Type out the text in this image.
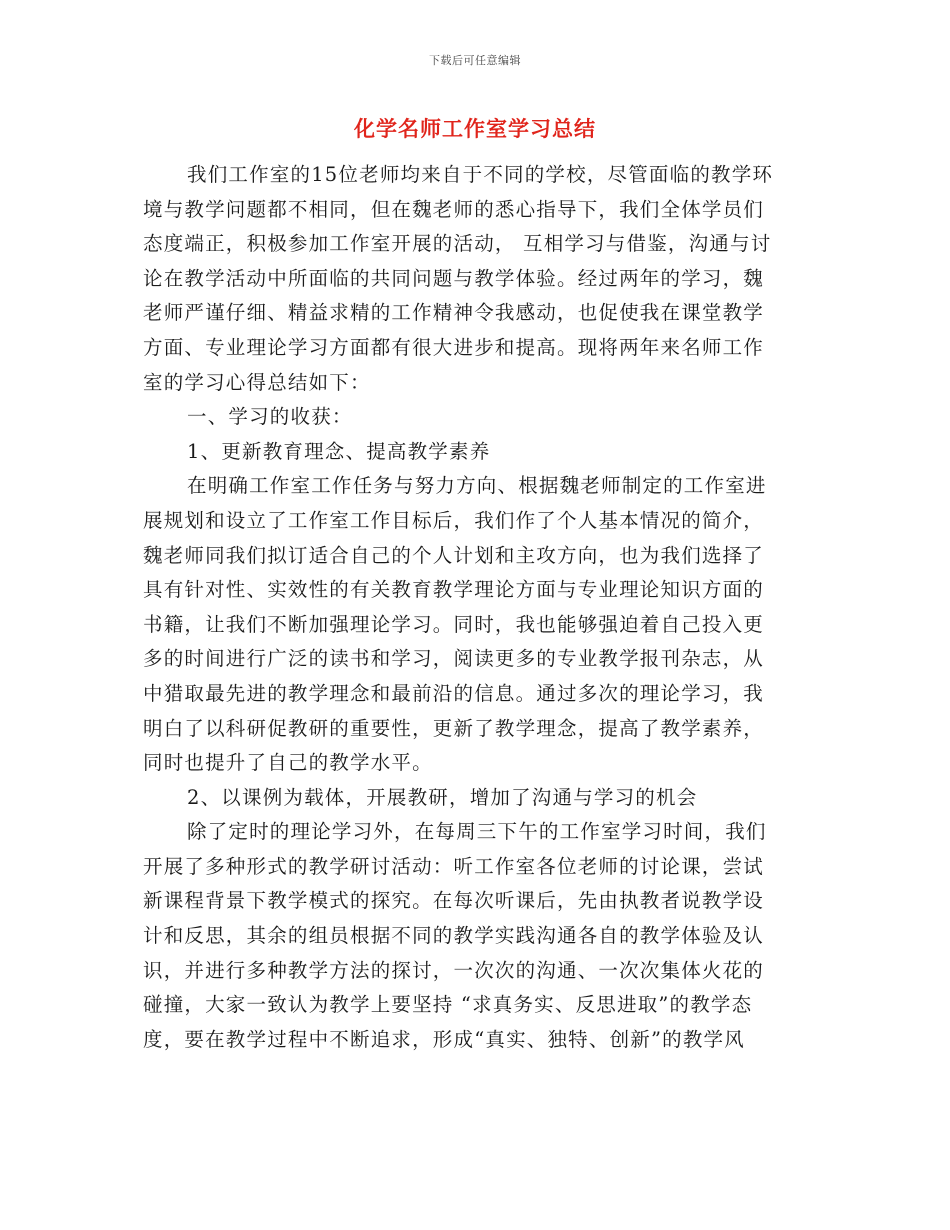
下载后可任意编辑
化学名师工作室学习总结
我们工作室的15位老师均来自于不同的学校，尽管面临的教学环
境与教学问题都不相同，但在魏老师的悉心指导下，我们全体学员们
态度端正，积极参加工作室开展的活动， 互相学习与借鉴，沟通与讨
论在教学活动中所面临的共同问题与教学体验。经过两年的学习，魏
老师严谨仔细、精益求精的工作精神令我感动，也促使我在课堂教学
方面、专业理论学习方面都有很大进步和提高。现将两年来名师工作
室的学习心得总结如下：
一、学习的收获：
1、更新教育理念、提高教学素养
在明确工作室工作任务与努力方向、根据魏老师制定的工作室进
展规划和设立了工作室工作目标后，我们作了个人基本情况的简介，
魏老师同我们拟订适合自己的个人计划和主攻方向，也为我们选择了
具有针对性、实效性的有关教育教学理论方面与专业理论知识方面的
书籍，让我们不断加强理论学习。同时，我也能够强迫着自己投入更
多的时间进行广泛的读书和学习，阅读更多的专业教学报刊杂志，从
中猎取最先进的教学理念和最前沿的信息。通过多次的理论学习，我
明白了以科研促教研的重要性，更新了教学理念，提高了教学素养，
同时也提升了自己的教学水平。
2、以课例为载体，开展教研，增加了沟通与学习的机会
除了定时的理论学习外，在每周三下午的工作室学习时间，我们
开展了多种形式的教学研讨活动：听工作室各位老师的讨论课，尝试
新课程背景下教学模式的探究。在每次听课后，先由执教者说教学设
计和反思，其余的组员根据不同的教学实践沟通各自的教学体验及认
识，并进行多种教学方法的探讨，一次次的沟通、一次次集体火花的
碰撞，大家一致认为教学上要坚持 “求真务实、反思进取”的教学态
度，要在教学过程中不断追求，形成“真实、独特、创新”的教学风
